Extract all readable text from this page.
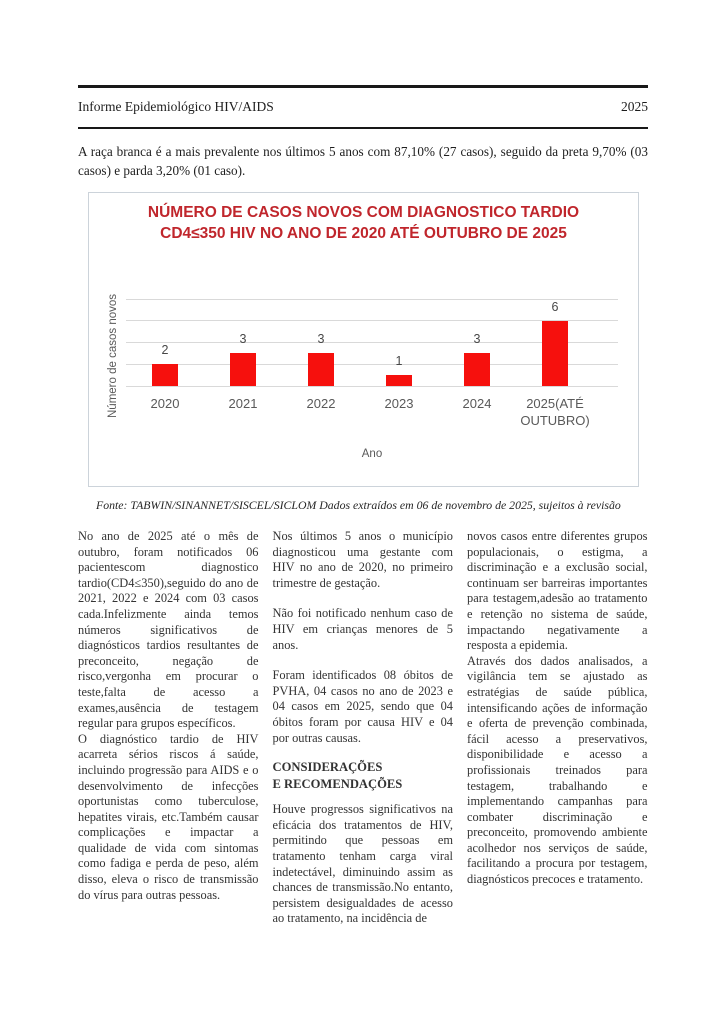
Informe Epidemiológico HIV/AIDS	2025

A raça branca é a mais prevalente nos últimos 5 anos com 87,10% (27 casos), seguido da preta 9,70% (03 casos) e parda 3,20% (01 caso).

NÚMERO DE CASOS NOVOS COM DIAGNOSTICO TARDIO
CD4≤350 HIV NO ANO DE 2020 ATÉ OUTUBRO DE 2025
Número de casos novos	2
3	3
1
3
6
2020	2021	2022	2023	2024	2025(ATÉ OUTUBRO)
Ano

Fonte: TABWIN/SINANNET/SISCEL/SICLOM Dados extraídos em 06 de novembro de 2025, sujeitos à revisão

No ano de 2025 até o mês de outubro, foram notificados 06 pacientescom diagnostico tardio(CD4≤350),seguido do ano de 2021, 2022 e 2024 com 03 casos cada.Infelizmente ainda temos números significativos de diagnósticos tardios resultantes de preconceito, negação de risco,vergonha em procurar o teste,falta de acesso a exames,ausência de testagem regular para grupos específicos.

O diagnóstico tardio de HIV acarreta sérios riscos á saúde, incluindo progressão para AIDS e o desenvolvimento de infecções oportunistas como tuberculose, hepatites virais, etc.Também causar complicações e impactar a qualidade de vida com sintomas como fadiga e perda de peso, além disso, eleva o risco de transmissão do vírus para outras pessoas.

Nos últimos 5 anos o município diagnosticou uma gestante com HIV no ano de 2020, no primeiro trimestre de gestação.

Não foi notificado nenhum caso de HIV em crianças menores de 5 anos.

Foram identificados 08 óbitos de PVHA, 04 casos no ano de 2023 e 04 casos em 2025, sendo que 04 óbitos foram por causa HIV e 04 por outras causas.

CONSIDERAÇÕES
E RECOMENDAÇÕES

Houve progressos significativos na eficácia dos tratamentos de HIV, permitindo que pessoas em tratamento tenham carga viral indetectável, diminuindo assim as chances de transmissão.No entanto, persistem desigualdades de acesso ao tratamento, na incidência de

novos casos entre diferentes grupos populacionais, o estigma, a discriminação e a exclusão social, continuam ser barreiras importantes para testagem,adesão ao tratamento e retenção no sistema de saúde, impactando negativamente a resposta a epidemia.

Através dos dados analisados, a vigilância tem se ajustado as estratégias de saúde pública, intensificando ações de informação e oferta de prevenção combinada, fácil acesso a preservativos, disponibilidade e acesso a profissionais treinados para testagem, trabalhando e implementando campanhas para combater discriminação e preconceito, promovendo ambiente acolhedor nos serviços de saúde, facilitando a procura por testagem, diagnósticos precoces e tratamento.
